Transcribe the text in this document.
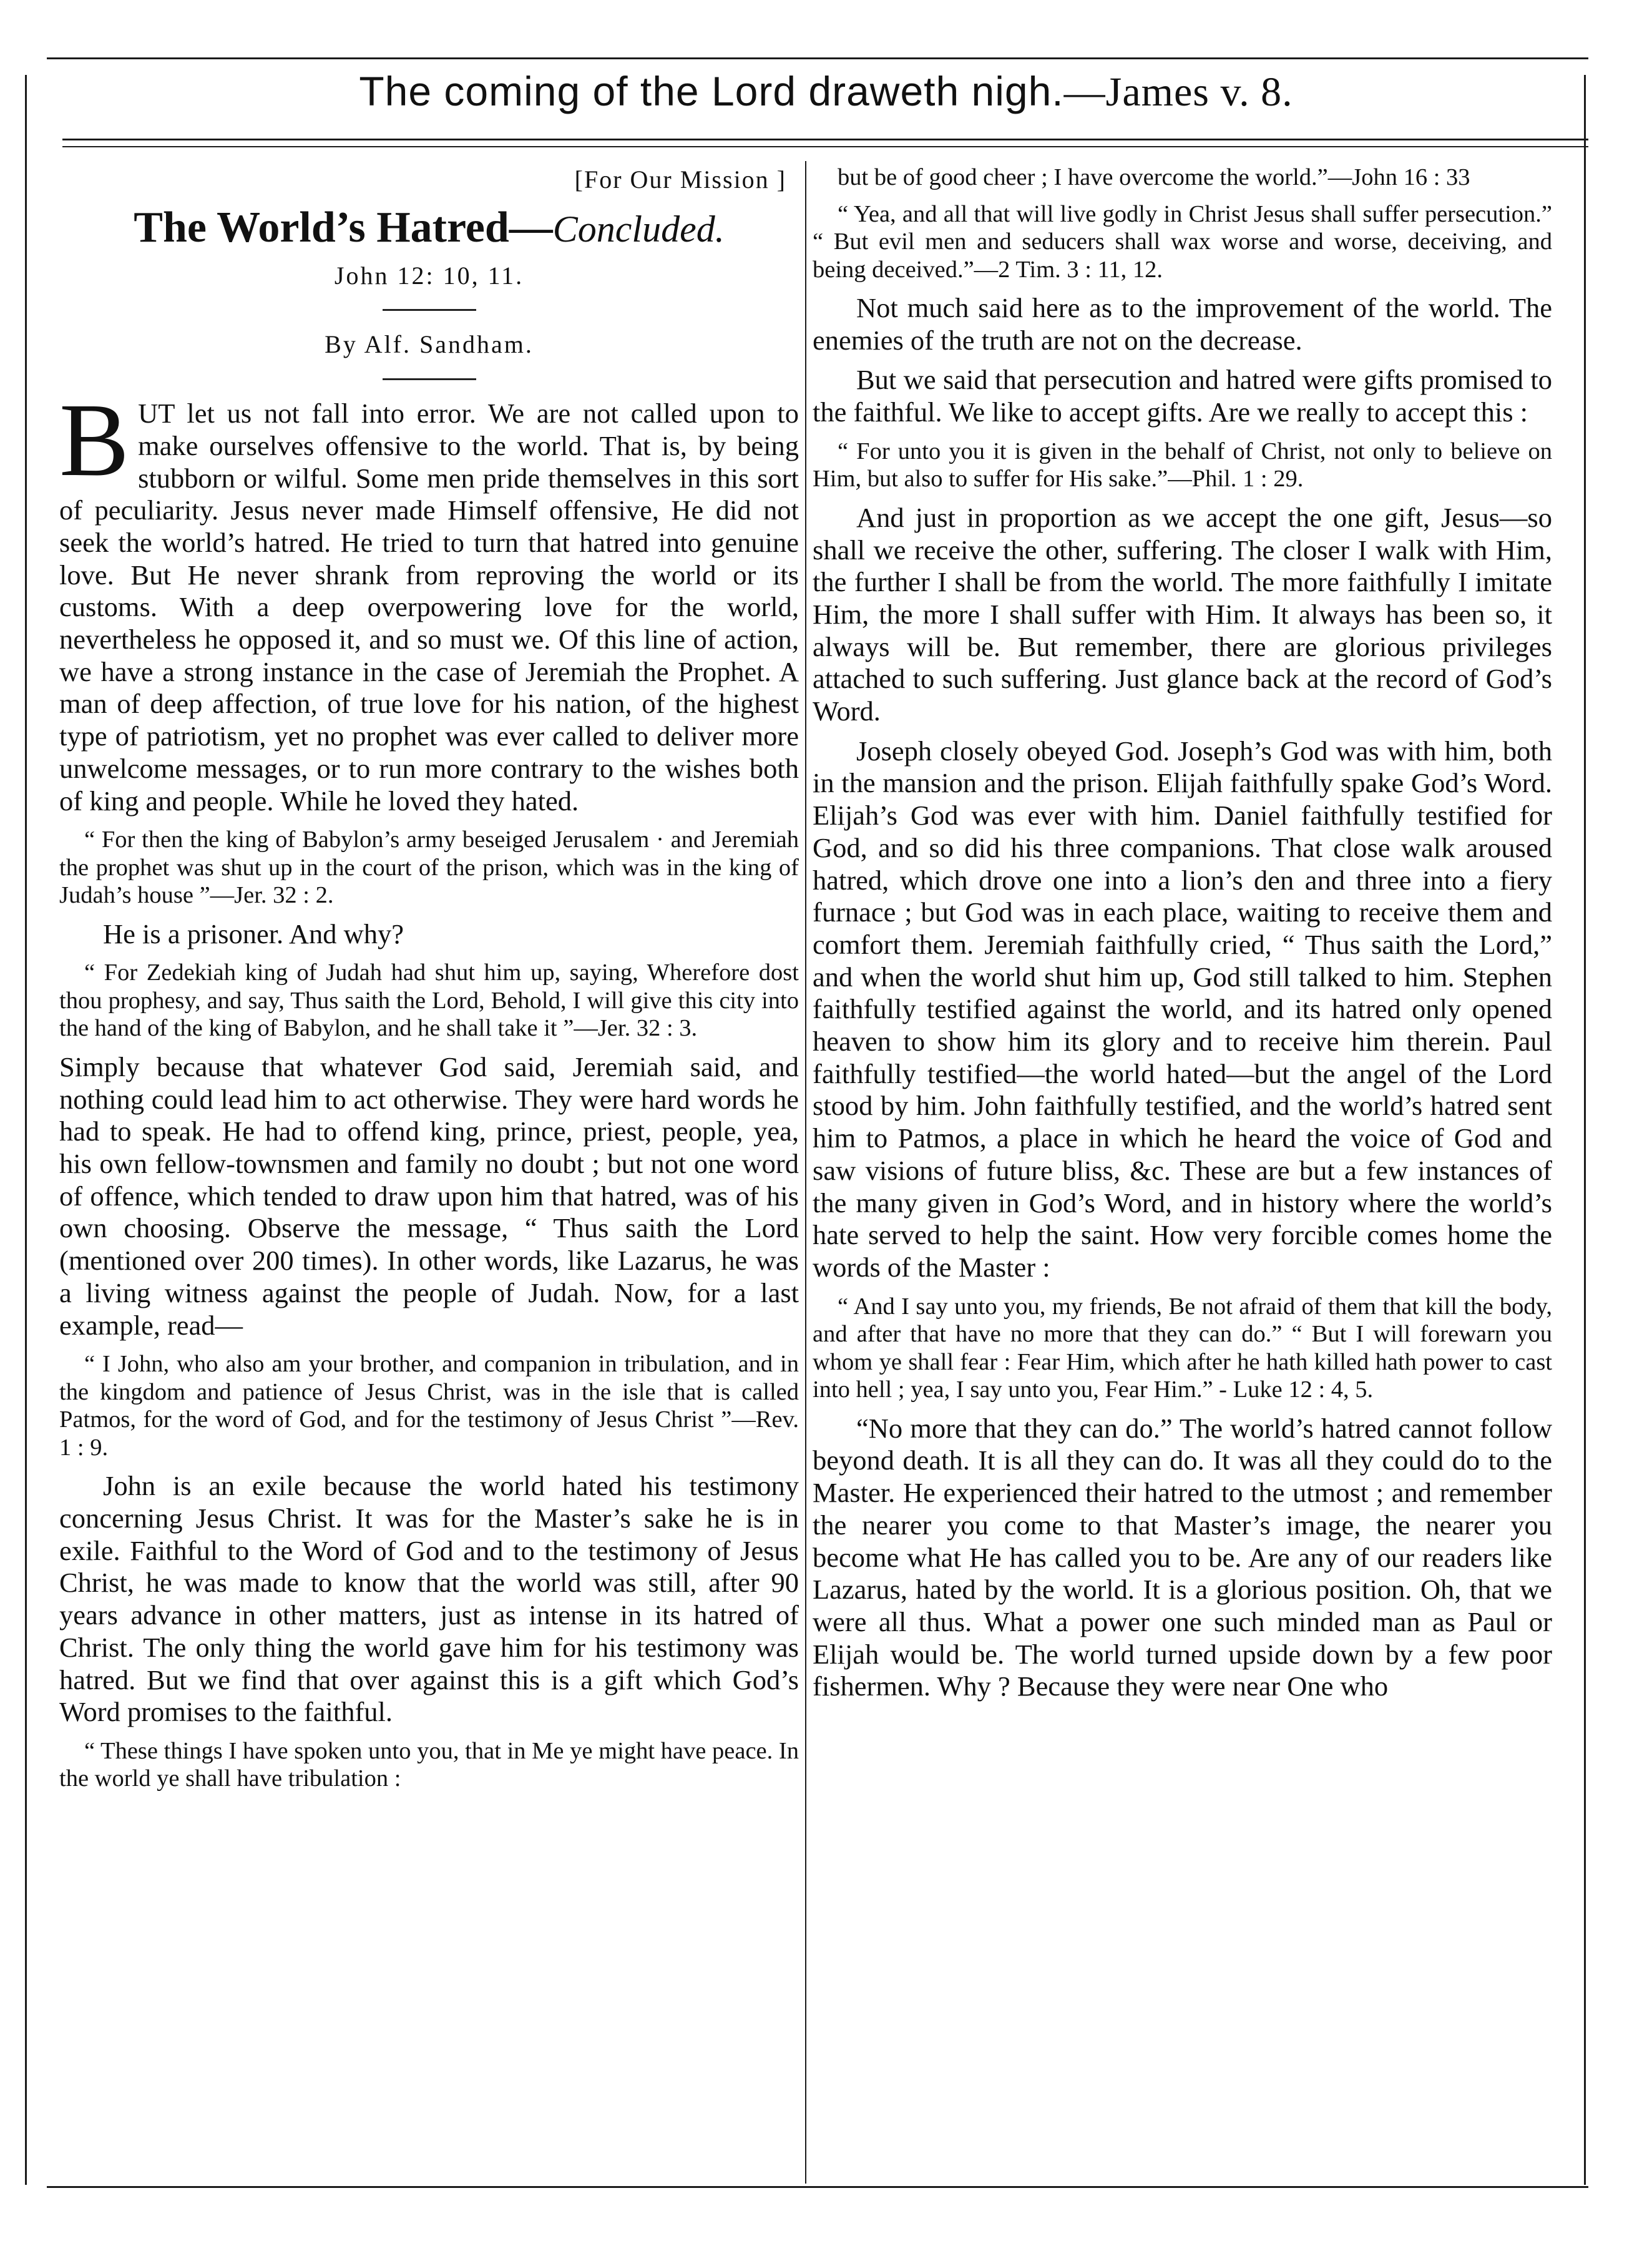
The coming of the Lord draweth nigh.—James v. 8.
[For Our Mission ]
The World’s Hatred—Concluded.
John 12: 10, 11.
By Alf. Sandham.

BUT let us not fall into error. We are not called upon to make ourselves offensive to the world. That is, by being stubborn or wilful. Some men pride themselves in this sort of peculiarity. Jesus never made Himself offensive, He did not seek the world’s hatred. He tried to turn that hatred into genuine love. But He never shrank from reproving the world or its customs. With a deep overpowering love for the world, nevertheless he opposed it, and so must we. Of this line of action, we have a strong instance in the case of Jeremiah the Prophet. A man of deep affection, of true love for his nation, of the highest type of patriotism, yet no prophet was ever called to deliver more unwelcome messages, or to run more contrary to the wishes both of king and people. While he loved they hated.

“ For then the king of Babylon’s army beseiged Jerusalem · and Jeremiah the prophet was shut up in the court of the prison, which was in the king of Judah’s house ”—Jer. 32 : 2.

He is a prisoner. And why?

“ For Zedekiah king of Judah had shut him up, saying, Wherefore dost thou prophesy, and say, Thus saith the Lord, Behold, I will give this city into the hand of the king of Babylon, and he shall take it ”—Jer. 32 : 3.

Simply because that whatever God said, Jeremiah said, and nothing could lead him to act otherwise. They were hard words he had to speak. He had to offend king, prince, priest, people, yea, his own fellow-townsmen and family no doubt ; but not one word of offence, which tended to draw upon him that hatred, was of his own choosing. Observe the message, “ Thus saith the Lord (mentioned over 200 times). In other words, like Lazarus, he was a living witness against the people of Judah. Now, for a last example, read—

“ I John, who also am your brother, and companion in tribulation, and in the kingdom and patience of Jesus Christ, was in the isle that is called Patmos, for the word of God, and for the testimony of Jesus Christ ”—Rev. 1 : 9.

John is an exile because the world hated his testimony concerning Jesus Christ. It was for the Master’s sake he is in exile. Faithful to the Word of God and to the testimony of Jesus Christ, he was made to know that the world was still, after 90 years advance in other matters, just as intense in its hatred of Christ. The only thing the world gave him for his testimony was hatred. But we find that over against this is a gift which God’s Word promises to the faithful.

“ These things I have spoken unto you, that in Me ye might have peace. In the world ye shall have tribulation :

but be of good cheer ; I have overcome the world.”—John 16 : 33

“ Yea, and all that will live godly in Christ Jesus shall suffer persecution.” “ But evil men and seducers shall wax worse and worse, deceiving, and being deceived.”—2 Tim. 3 : 11, 12.

Not much said here as to the improvement of the world. The enemies of the truth are not on the decrease.

But we said that persecution and hatred were gifts promised to the faithful. We like to accept gifts. Are we really to accept this :

“ For unto you it is given in the behalf of Christ, not only to believe on Him, but also to suffer for His sake.”—Phil. 1 : 29.

And just in proportion as we accept the one gift, Jesus—so shall we receive the other, suffering. The closer I walk with Him, the further I shall be from the world. The more faithfully I imitate Him, the more I shall suffer with Him. It always has been so, it always will be. But remember, there are glorious privileges attached to such suffering. Just glance back at the record of God’s Word.

Joseph closely obeyed God. Joseph’s God was with him, both in the mansion and the prison. Elijah faithfully spake God’s Word. Elijah’s God was ever with him. Daniel faithfully testified for God, and so did his three companions. That close walk aroused hatred, which drove one into a lion’s den and three into a fiery furnace ; but God was in each place, waiting to receive them and comfort them. Jeremiah faithfully cried, “ Thus saith the Lord,” and when the world shut him up, God still talked to him. Stephen faithfully testified against the world, and its hatred only opened heaven to show him its glory and to receive him therein. Paul faithfully testified—the world hated—but the angel of the Lord stood by him. John faithfully testified, and the world’s hatred sent him to Patmos, a place in which he heard the voice of God and saw visions of future bliss, &c. These are but a few instances of the many given in God’s Word, and in history where the world’s hate served to help the saint. How very forcible comes home the words of the Master :

“ And I say unto you, my friends, Be not afraid of them that kill the body, and after that have no more that they can do.” “ But I will forewarn you whom ye shall fear : Fear Him, which after he hath killed hath power to cast into hell ; yea, I say unto you, Fear Him.” - Luke 12 : 4, 5.

“No more that they can do.” The world’s hatred cannot follow beyond death. It is all they can do. It was all they could do to the Master. He experienced their hatred to the utmost ; and remember the nearer you come to that Master’s image, the nearer you become what He has called you to be. Are any of our readers like Lazarus, hated by the world. It is a glorious position. Oh, that we were all thus. What a power one such minded man as Paul or Elijah would be. The world turned upside down by a few poor fishermen. Why ? Because they were near One who
